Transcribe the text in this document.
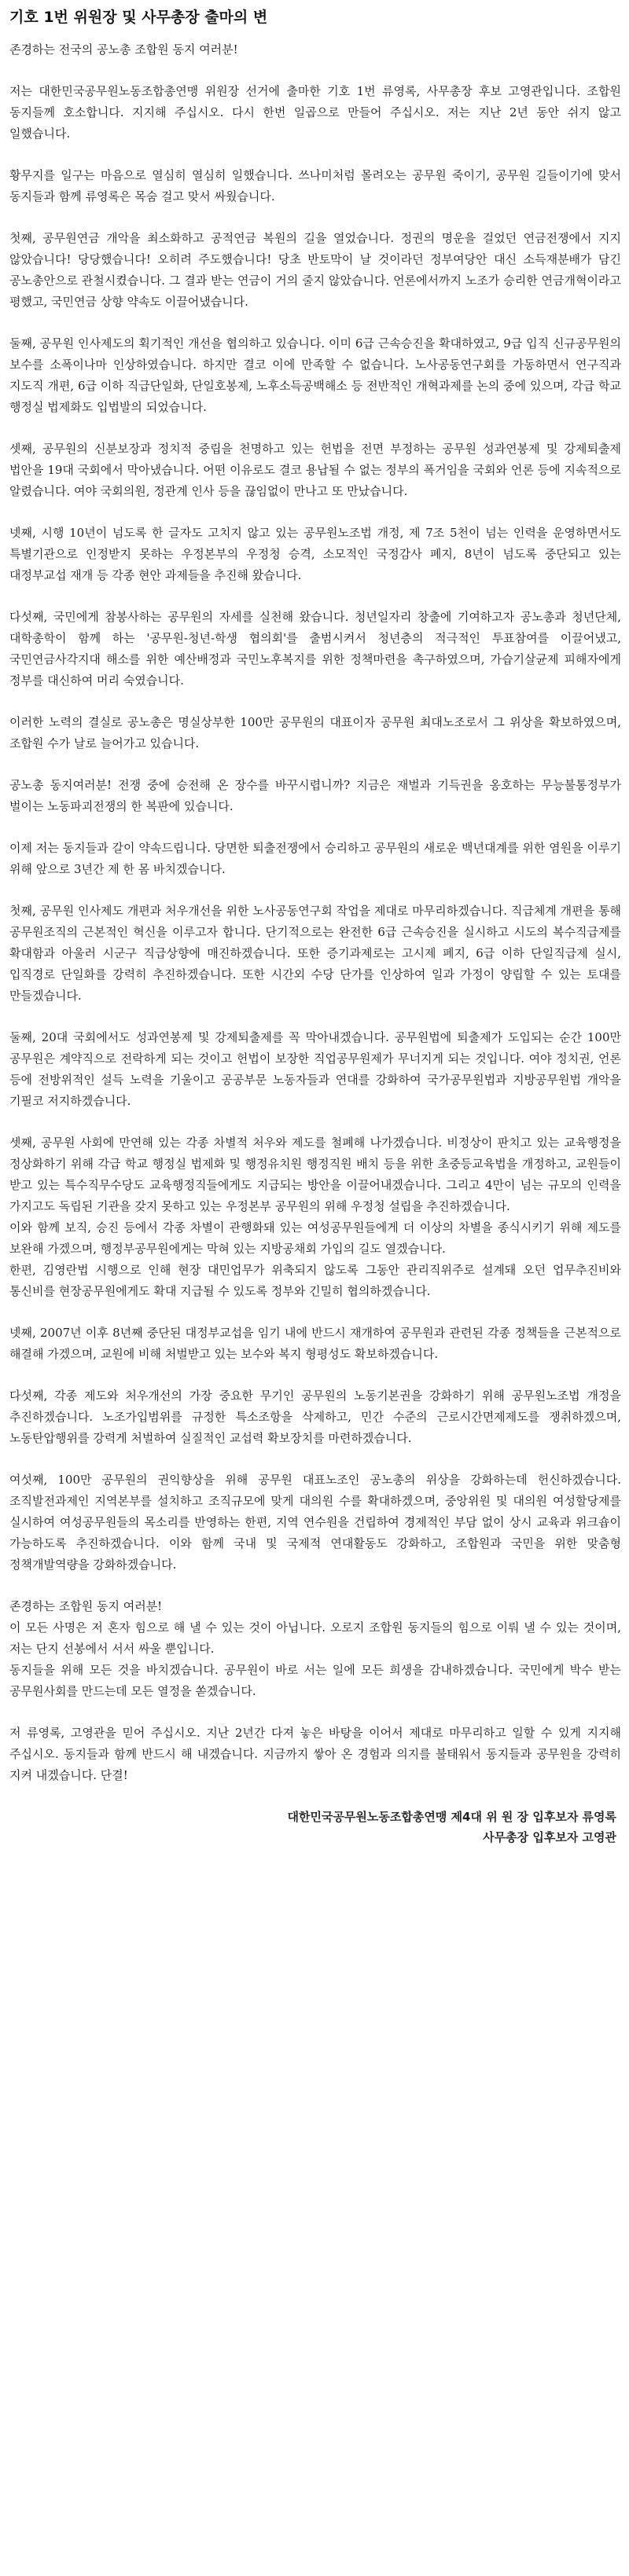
기호 1번 위원장 및 사무총장 출마의 변

존경하는 전국의 공노총 조합원 동지 여러분!

저는 대한민국공무원노동조합총연맹 위원장 선거에 출마한 기호 1번 류영록, 사무총장 후보 고영관입니다. 조합원 동지들께 호소합니다. 지지해 주십시오. 다시 한번 일곱으로 만들어 주십시오. 저는 지난 2년 동안 쉬지 않고 일했습니다.

황무지를 일구는 마음으로 열심히 열심히 일했습니다. 쓰나미처럼 몰려오는 공무원 죽이기, 공무원 길들이기에 맞서 동지들과 함께 류영록은 목숨 걸고 맞서 싸웠습니다.

첫째, 공무원연금 개악을 최소화하고 공적연금 복원의 길을 열었습니다. 정권의 명운을 걸었던 연금전쟁에서 지지 않았습니다! 당당했습니다! 오히려 주도했습니다! 당초 반토막이 날 것이라던 정부여당안 대신 소득재분배가 담긴 공노총안으로 관철시켰습니다. 그 결과 받는 연금이 거의 줄지 않았습니다. 언론에서까지 노조가 승리한 연금개혁이라고 평했고, 국민연금 상향 약속도 이끌어냈습니다.

둘째, 공무원 인사제도의 획기적인 개선을 협의하고 있습니다. 이미 6급 근속승진을 확대하였고, 9급 입직 신규공무원의 보수를 소폭이나마 인상하였습니다. 하지만 결코 이에 만족할 수 없습니다. 노사공동연구회를 가동하면서 연구직과 지도직 개편, 6급 이하 직급단일화, 단일호봉제, 노후소득공백해소 등 전반적인 개혁과제를 논의 중에 있으며, 각급 학교 행정실 법제화도 입법발의 되었습니다.

셋째, 공무원의 신분보장과 정치적 중립을 천명하고 있는 헌법을 전면 부정하는 공무원 성과연봉제 및 강제퇴출제 법안을 19대 국회에서 막아냈습니다. 어떤 이유로도 결코 용납될 수 없는 정부의 폭거임을 국회와 언론 등에 지속적으로 알렸습니다. 여야 국회의원, 정관계 인사 등을 끊임없이 만나고 또 만났습니다.

넷째, 시행 10년이 넘도록 한 글자도 고치지 않고 있는 공무원노조법 개정, 제 7조 5천이 넘는 인력을 운영하면서도 특별기관으로 인정받지 못하는 우정본부의 우정청 승격, 소모적인 국정감사 폐지, 8년이 넘도록 중단되고 있는 대정부교섭 재개 등 각종 현안 과제들을 추진해 왔습니다.

다섯째, 국민에게 참봉사하는 공무원의 자세를 실천해 왔습니다. 청년일자리 창출에 기여하고자 공노총과 청년단체, 대학총학이 함께 하는 '공무원-청년-학생 협의회'를 출범시켜서 청년층의 적극적인 투표참여를 이끌어냈고, 국민연금사각지대 해소를 위한 예산배정과 국민노후복지를 위한 정책마련을 촉구하였으며, 가습기살균제 피해자에게 정부를 대신하여 머리 숙였습니다.

이러한 노력의 결실로 공노총은 명실상부한 100만 공무원의 대표이자 공무원 최대노조로서 그 위상을 확보하였으며, 조합원 수가 날로 늘어가고 있습니다.

공노총 동지여러분! 전쟁 중에 승전해 온 장수를 바꾸시렵니까? 지금은 재벌과 기득권을 옹호하는 무능불통정부가 벌이는 노동파괴전쟁의 한 복판에 있습니다.

이제 저는 동지들과 갈이 약속드립니다. 당면한 퇴출전쟁에서 승리하고 공무원의 새로운 백년대계를 위한 염원을 이루기 위해 앞으로 3년간 제 한 몸 바치겠습니다.

첫째, 공무원 인사제도 개편과 처우개선을 위한 노사공동연구회 작업을 제대로 마무리하겠습니다. 직급체계 개편을 통해 공무원조직의 근본적인 혁신을 이루고자 합니다. 단기적으로는 완전한 6급 근속승진을 실시하고 시도의 복수직급제를 확대함과 아울러 시군구 직급상향에 매진하겠습니다. 또한 증기과제로는 고시제 폐지, 6급 이하 단일직급제 실시, 입직경로 단일화를 강력히 추진하겠습니다. 또한 시간외 수당 단가를 인상하여 일과 가정이 양립할 수 있는 토대를 만들겠습니다.

둘째, 20대 국회에서도 성과연봉제 및 강제퇴출제를 꼭 막아내겠습니다. 공무원법에 퇴출제가 도입되는 순간 100만 공무원은 계약직으로 전락하게 되는 것이고 헌법이 보장한 직업공무원제가 무너지게 되는 것입니다. 여야 정치권, 언론 등에 전방위적인 설득 노력을 기울이고 공공부문 노동자들과 연대를 강화하여 국가공무원법과 지방공무원법 개악을 기필코 저지하겠습니다.

셋째, 공무원 사회에 만연해 있는 각종 차별적 처우와 제도를 철폐해 나가겠습니다. 비정상이 판치고 있는 교육행정을 정상화하기 위해 각급 학교 행정실 법제화 및 행정유치원 행정직원 배치 등을 위한 초중등교육법을 개정하고, 교원들이 받고 있는 특수직무수당도 교육행정직들에게도 지급되는 방안을 이끌어내겠습니다. 그리고 4만이 넘는 규모의 인력을 가지고도 독립된 기관을 갖지 못하고 있는 우정본부 공무원의 위해 우정청 설립을 추진하겠습니다.

이와 함께 보직, 승진 등에서 각종 차별이 관행화돼 있는 여성공무원들에게 더 이상의 차별을 종식시키기 위해 제도를 보완해 가겠으며, 행정부공무원에게는 막혀 있는 지방공채회 가입의 길도 열겠습니다.

한편, 김영란법 시행으로 인해 현장 대민업무가 위축되지 않도록 그동안 관리직위주로 설계돼 오던 업무추진비와 통신비를 현장공무원에게도 확대 지급될 수 있도록 정부와 긴밀히 협의하겠습니다.

넷째, 2007년 이후 8년째 중단된 대정부교섭을 임기 내에 반드시 재개하여 공무원과 관련된 각종 정책들을 근본적으로 해결해 가겠으며, 교원에 비해 처벌받고 있는 보수와 복지 형평성도 확보하겠습니다.

다섯째, 각종 제도와 처우개선의 가장 중요한 무기인 공무원의 노동기본권을 강화하기 위해 공무원노조법 개정을 추진하겠습니다. 노조가입범위를 규정한 특소조항을 삭제하고, 민간 수준의 근로시간면제제도를 쟁취하겠으며, 노동탄압행위를 강력게 처벌하여 실질적인 교섭력 확보장치를 마련하겠습니다.

여섯째, 100만 공무원의 권익향상을 위해 공무원 대표노조인 공노총의 위상을 강화하는데 헌신하겠습니다. 조직발전과제인 지역본부를 설치하고 조직규모에 맞게 대의원 수를 확대하겠으며, 중앙위원 및 대의원 여성할당제를 실시하여 여성공무원들의 목소리를 반영하는 한편, 지역 연수원을 건립하여 경제적인 부담 없이 상시 교육과 위크숍이 가능하도록 추진하겠습니다. 이와 함께 국내 및 국제적 연대활동도 강화하고, 조합원과 국민을 위한 맞춤형 정책개발역량을 강화하겠습니다.

존경하는 조합원 동지 여러분!

이 모든 사명은 저 혼자 힘으로 해 낼 수 있는 것이 아닙니다. 오로지 조합원 동지들의 힘으로 이뤄 낼 수 있는 것이며, 저는 단지 선봉에서 서서 싸울 뿐입니다.

동지들을 위해 모든 것을 바치겠습니다. 공무원이 바로 서는 일에 모든 희생을 감내하겠습니다. 국민에게 박수 받는 공무원사회를 만드는데 모든 열정을 쏟겠습니다.

저 류영록, 고영관을 믿어 주십시오. 지난 2년간 다져 놓은 바탕을 이어서 제대로 마무리하고 일할 수 있게 지지해 주십시오. 동지들과 함께 반드시 해 내겠습니다. 지금까지 쌓아 온 경험과 의지를 불태워서 동지들과 공무원을 강력히 지켜 내겠습니다. 단결!

대한민국공무원노동조합총연맹 제4대 위 원 장 입후보자 류영록
사무총장 입후보자 고영관
